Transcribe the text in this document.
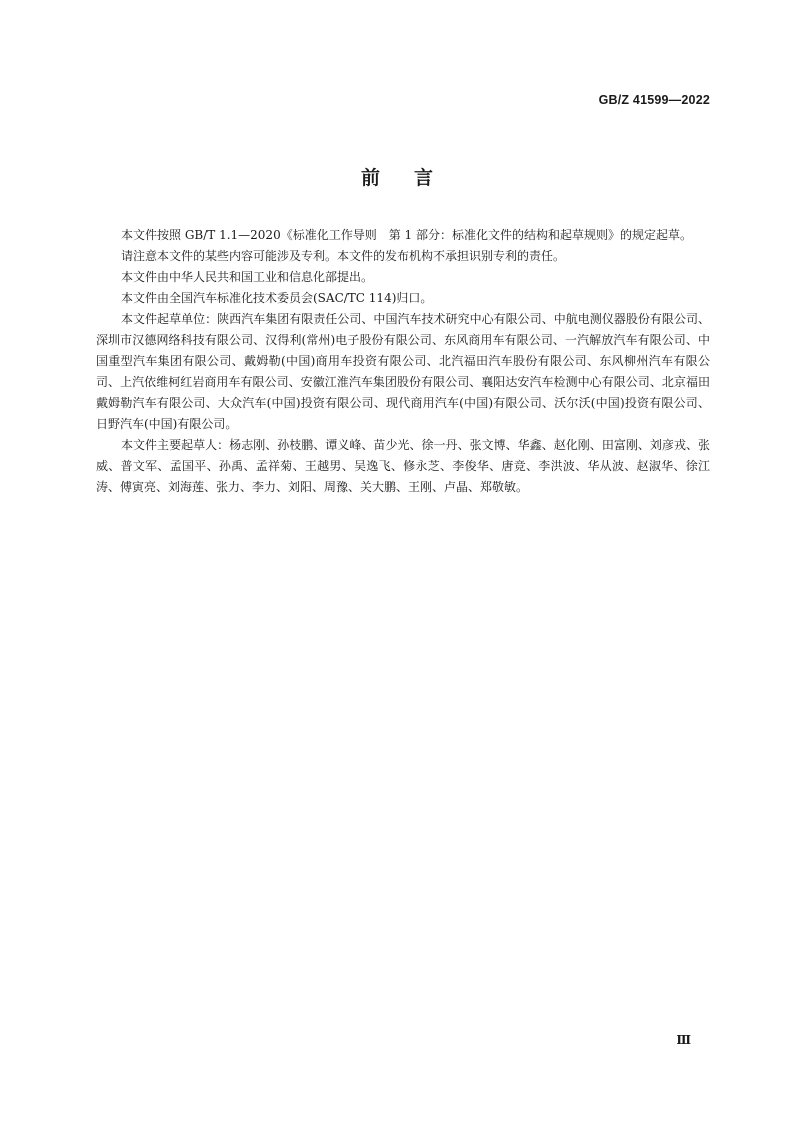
GB/Z 41599—2022

前言

本文件按照 GB/T 1.1—2020《标准化工作导则　第 1 部分：标准化文件的结构和起草规则》的规定起草。

请注意本文件的某些内容可能涉及专利。本文件的发布机构不承担识别专利的责任。

本文件由中华人民共和国工业和信息化部提出。

本文件由全国汽车标准化技术委员会(SAC/TC 114)归口。

本文件起草单位：陕西汽车集团有限责任公司、中国汽车技术研究中心有限公司、中航电测仪器股份有限公司、深圳市汉德网络科技有限公司、汉得利(常州)电子股份有限公司、东风商用车有限公司、一汽解放汽车有限公司、中国重型汽车集团有限公司、戴姆勒(中国)商用车投资有限公司、北汽福田汽车股份有限公司、东风柳州汽车有限公司、上汽依维柯红岩商用车有限公司、安徽江淮汽车集团股份有限公司、襄阳达安汽车检测中心有限公司、北京福田戴姆勒汽车有限公司、大众汽车(中国)投资有限公司、现代商用汽车(中国)有限公司、沃尔沃(中国)投资有限公司、日野汽车(中国)有限公司。

本文件主要起草人：杨志刚、孙枝鹏、谭义峰、苗少光、徐一丹、张文博、华鑫、赵化刚、田富刚、刘彦戎、张威、普文军、孟国平、孙禹、孟祥菊、王越男、吴逸飞、修永芝、李俊华、唐竞、李洪波、华从波、赵淑华、徐江涛、傅寅亮、刘海莲、张力、李力、刘阳、周豫、关大鹏、王刚、卢晶、郑敬敏。

Ⅲ
